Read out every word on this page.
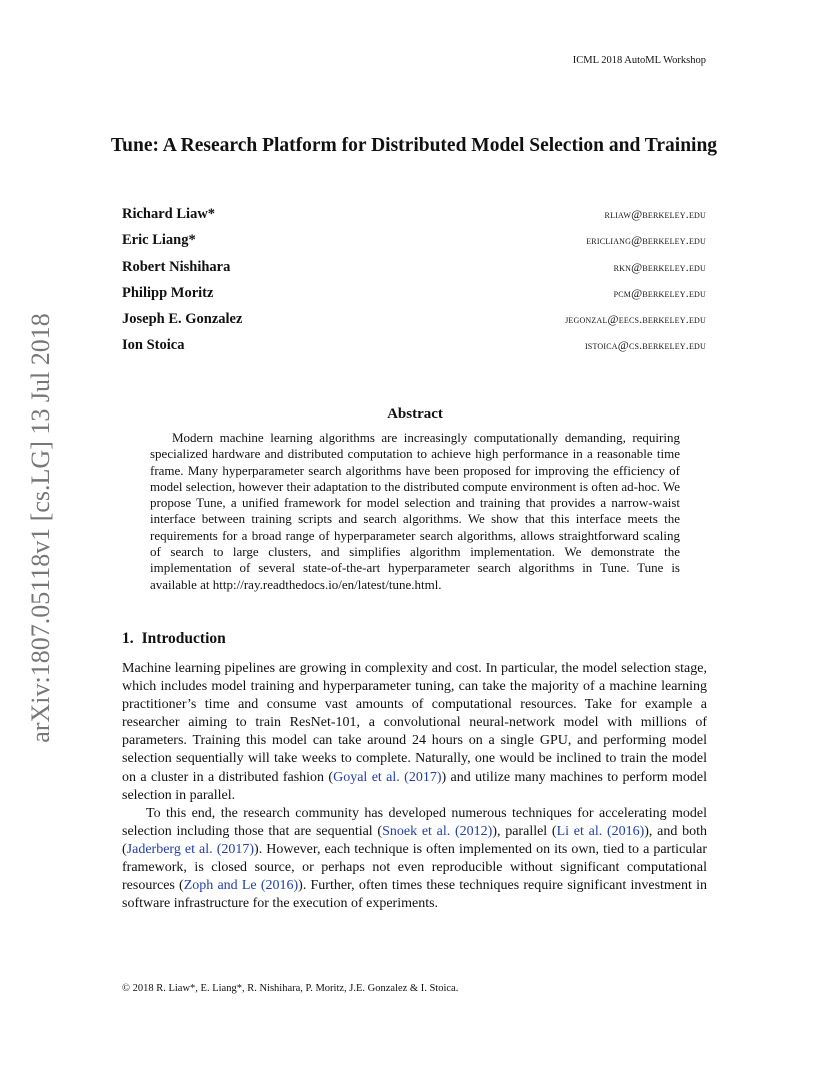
ICML 2018 AutoML Workshop
Tune: A Research Platform for Distributed Model Selection and Training
Richard Liaw*	rliaw@berkeley.edu
Eric Liang*	ericliang@berkeley.edu
Robert Nishihara	rkn@berkeley.edu
Philipp Moritz	pcm@berkeley.edu
Joseph E. Gonzalez	jegonzal@eecs.berkeley.edu
Ion Stoica	istoica@cs.berkeley.edu
arXiv:1807.05118v1 [cs.LG] 13 Jul 2018	Abstract

Modern machine learning algorithms are increasingly computationally demanding, requiring specialized hardware and distributed computation to achieve high performance in a reasonable time frame. Many hyperparameter search algorithms have been proposed for improving the efficiency of model selection, however their adaptation to the distributed compute environment is often ad-hoc. We propose Tune, a unified framework for model selection and training that provides a narrow-waist interface between training scripts and search algorithms. We show that this interface meets the requirements for a broad range of hyperparameter search algorithms, allows straightforward scaling of search to large clusters, and simplifies algorithm implementation. We demonstrate the implementation of several state-of-the-art hyperparameter search algorithms in Tune. Tune is available at http://ray.readthedocs.io/en/latest/tune.html.

1. Introduction

Machine learning pipelines are growing in complexity and cost. In particular, the model selection stage, which includes model training and hyperparameter tuning, can take the majority of a machine learning practitioner’s time and consume vast amounts of computational resources. Take for example a researcher aiming to train ResNet-101, a convolutional neural-network model with millions of parameters. Training this model can take around 24 hours on a single GPU, and performing model selection sequentially will take weeks to complete. Naturally, one would be inclined to train the model on a cluster in a distributed fashion (Goyal et al. (2017)) and utilize many machines to perform model selection in parallel.

To this end, the research community has developed numerous techniques for accelerating model selection including those that are sequential (Snoek et al. (2012)), parallel (Li et al. (2016)), and both (Jaderberg et al. (2017)). However, each technique is often implemented on its own, tied to a particular framework, is closed source, or perhaps not even reproducible without significant computational resources (Zoph and Le (2016)). Further, often times these techniques require significant investment in software infrastructure for the execution of experiments.

© 2018 R. Liaw*, E. Liang*, R. Nishihara, P. Moritz, J.E. Gonzalez & I. Stoica.
